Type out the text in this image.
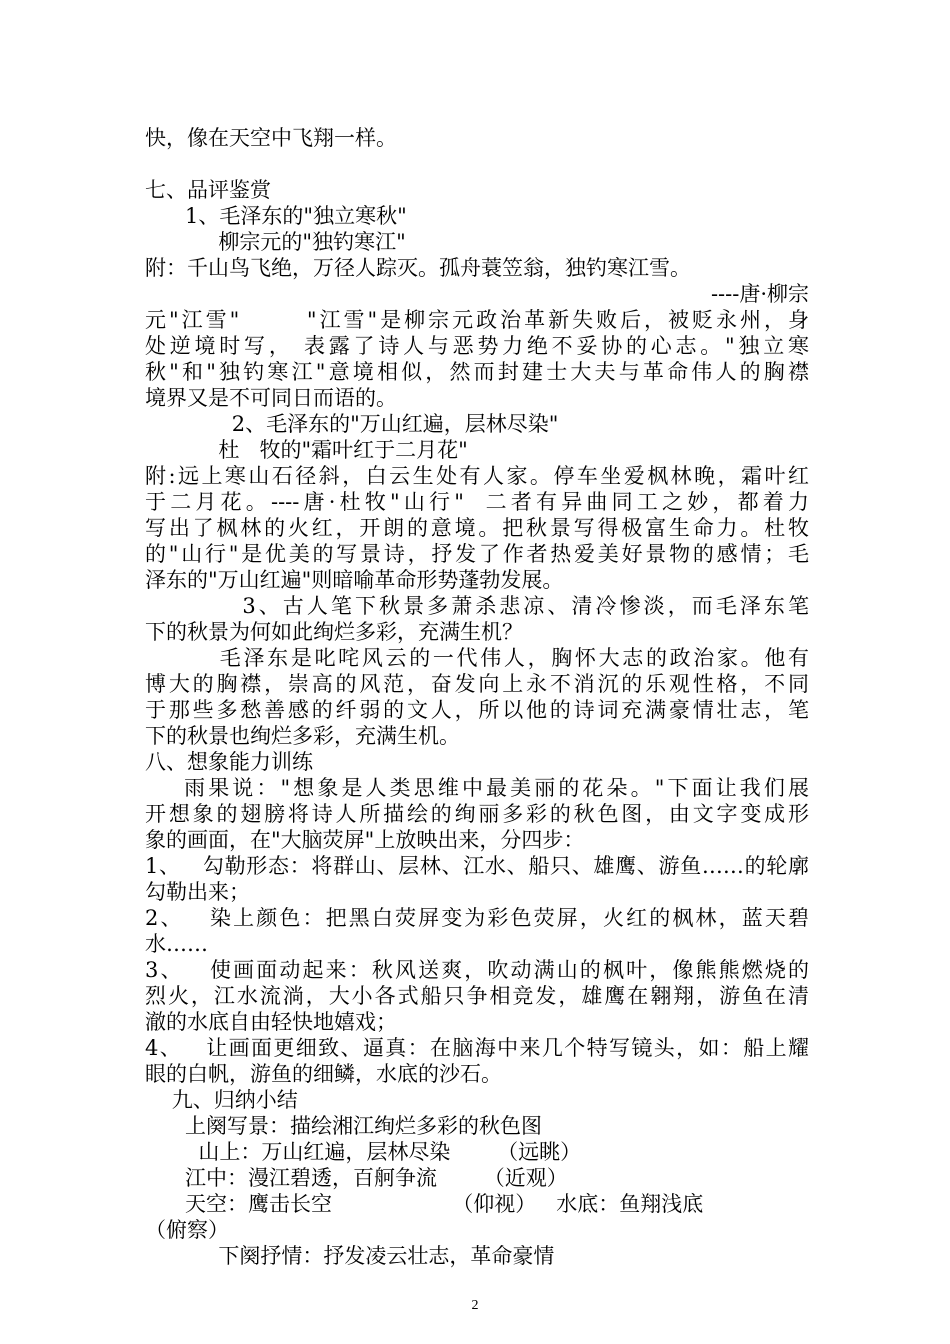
快，像在天空中飞翔一样。
七、品评鉴赏
1、毛泽东的"独立寒秋"
柳宗元的"独钓寒江"
附：千山鸟飞绝，万径人踪灭。孤舟蓑笠翁，独钓寒江雪。
----唐·柳宗
元"江雪"       "江雪"是柳宗元政治革新失败后，被贬永州，身
处逆境时写， 表露了诗人与恶势力绝不妥协的心志。"独立寒
秋"和"独钓寒江"意境相似，然而封建士大夫与革命伟人的胸襟
境界又是不可同日而语的。
2、毛泽东的"万山红遍，层林尽染"
杜   牧的"霜叶红于二月花"
附:远上寒山石径斜，白云生处有人家。停车坐爱枫林晚，霜叶红
于二月花。----唐·杜牧"山行"  二者有异曲同工之妙，都着力
写出了枫林的火红，开朗的意境。把秋景写得极富生命力。杜牧
的"山行"是优美的写景诗，抒发了作者热爱美好景物的感情；毛
泽东的"万山红遍"则暗喻革命形势蓬勃发展。
3、古人笔下秋景多萧杀悲凉、清冷惨淡，而毛泽东笔
下的秋景为何如此绚烂多彩，充满生机？
毛泽东是叱咤风云的一代伟人，胸怀大志的政治家。他有
博大的胸襟，崇高的风范，奋发向上永不消沉的乐观性格，不同
于那些多愁善感的纤弱的文人，所以他的诗词充满豪情壮志，笔
下的秋景也绚烂多彩，充满生机。
八、想象能力训练
雨果说："想象是人类思维中最美丽的花朵。"下面让我们展
开想象的翅膀将诗人所描绘的绚丽多彩的秋色图，由文字变成形
象的画面，在"大脑荧屏"上放映出来，分四步：
1、   勾勒形态：将群山、层林、江水、船只、雄鹰、游鱼……的轮廓
勾勒出来；
2、   染上颜色：把黑白荧屏变为彩色荧屏，火红的枫林，蓝天碧
水……
3、   使画面动起来：秋风送爽，吹动满山的枫叶，像熊熊燃烧的
烈火，江水流淌，大小各式船只争相竞发，雄鹰在翱翔，游鱼在清
澈的水底自由轻快地嬉戏；
4、   让画面更细致、逼真：在脑海中来几个特写镜头，如：船上耀
眼的白帆，游鱼的细鳞，水底的沙石。
九、归纳小结
上阕写景：描绘湘江绚烂多彩的秋色图
山上：万山红遍，层林尽染       （远眺）
江中：漫江碧透，百舸争流       （近观）
天空：鹰击长空                  （仰视）   水底：鱼翔浅底
（俯察）
下阕抒情：抒发凌云壮志，革命豪情
2
